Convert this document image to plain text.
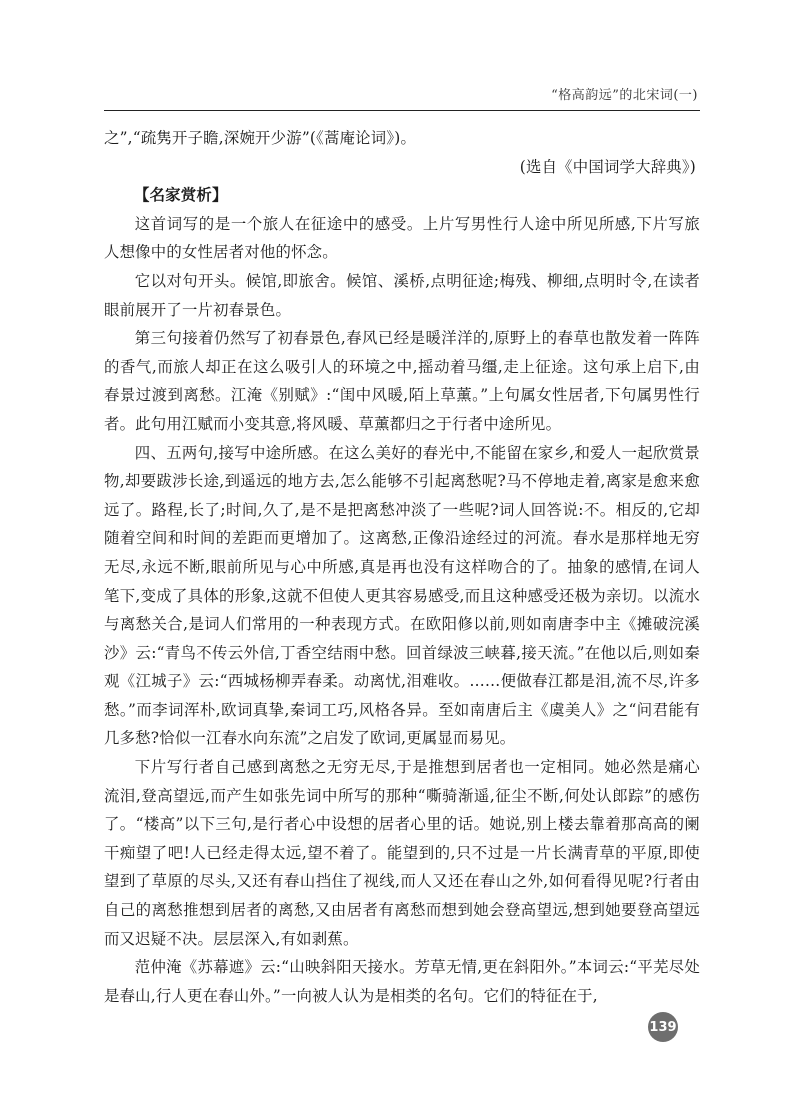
“格高韵远”的北宋词(一)

之”,“疏隽开子瞻,深婉开少游”(《蒿庵论词》)。

(选自《中国词学大辞典》)

【名家赏析】

这首词写的是一个旅人在征途中的感受。上片写男性行人途中所见所感,下片写旅人想像中的女性居者对他的怀念。

它以对句开头。候馆,即旅舍。候馆、溪桥,点明征途;梅残、柳细,点明时令,在读者眼前展开了一片初春景色。

第三句接着仍然写了初春景色,春风已经是暖洋洋的,原野上的春草也散发着一阵阵的香气,而旅人却正在这么吸引人的环境之中,摇动着马缰,走上征途。这句承上启下,由春景过渡到离愁。江淹《别赋》:“闺中风暖,陌上草薰。”上句属女性居者,下句属男性行者。此句用江赋而小变其意,将风暖、草薰都归之于行者中途所见。

四、五两句,接写中途所感。在这么美好的春光中,不能留在家乡,和爱人一起欣赏景物,却要跋涉长途,到遥远的地方去,怎么能够不引起离愁呢?马不停地走着,离家是愈来愈远了。路程,长了;时间,久了,是不是把离愁冲淡了一些呢?词人回答说:不。相反的,它却随着空间和时间的差距而更增加了。这离愁,正像沿途经过的河流。春水是那样地无穷无尽,永远不断,眼前所见与心中所感,真是再也没有这样吻合的了。抽象的感情,在词人笔下,变成了具体的形象,这就不但使人更其容易感受,而且这种感受还极为亲切。以流水与离愁关合,是词人们常用的一种表现方式。在欧阳修以前,则如南唐李中主《摊破浣溪沙》云:“青鸟不传云外信,丁香空结雨中愁。回首绿波三峡暮,接天流。”在他以后,则如秦观《江城子》云:“西城杨柳弄春柔。动离忧,泪难收。……便做春江都是泪,流不尽,许多愁。”而李词浑朴,欧词真挚,秦词工巧,风格各异。至如南唐后主《虞美人》之“问君能有几多愁?恰似一江春水向东流”之启发了欧词,更属显而易见。

下片写行者自己感到离愁之无穷无尽,于是推想到居者也一定相同。她必然是痛心流泪,登高望远,而产生如张先词中所写的那种“嘶骑渐遥,征尘不断,何处认郎踪”的感伤了。“楼高”以下三句,是行者心中设想的居者心里的话。她说,别上楼去靠着那高高的阑干痴望了吧!人已经走得太远,望不着了。能望到的,只不过是一片长满青草的平原,即使望到了草原的尽头,又还有春山挡住了视线,而人又还在春山之外,如何看得见呢?行者由自己的离愁推想到居者的离愁,又由居者有离愁而想到她会登高望远,想到她要登高望远而又迟疑不决。层层深入,有如剥蕉。

范仲淹《苏幕遮》云:“山映斜阳天接水。芳草无情,更在斜阳外。”本词云:“平芜尽处是春山,行人更在春山外。”一向被人认为是相类的名句。它们的特征在于,

139
